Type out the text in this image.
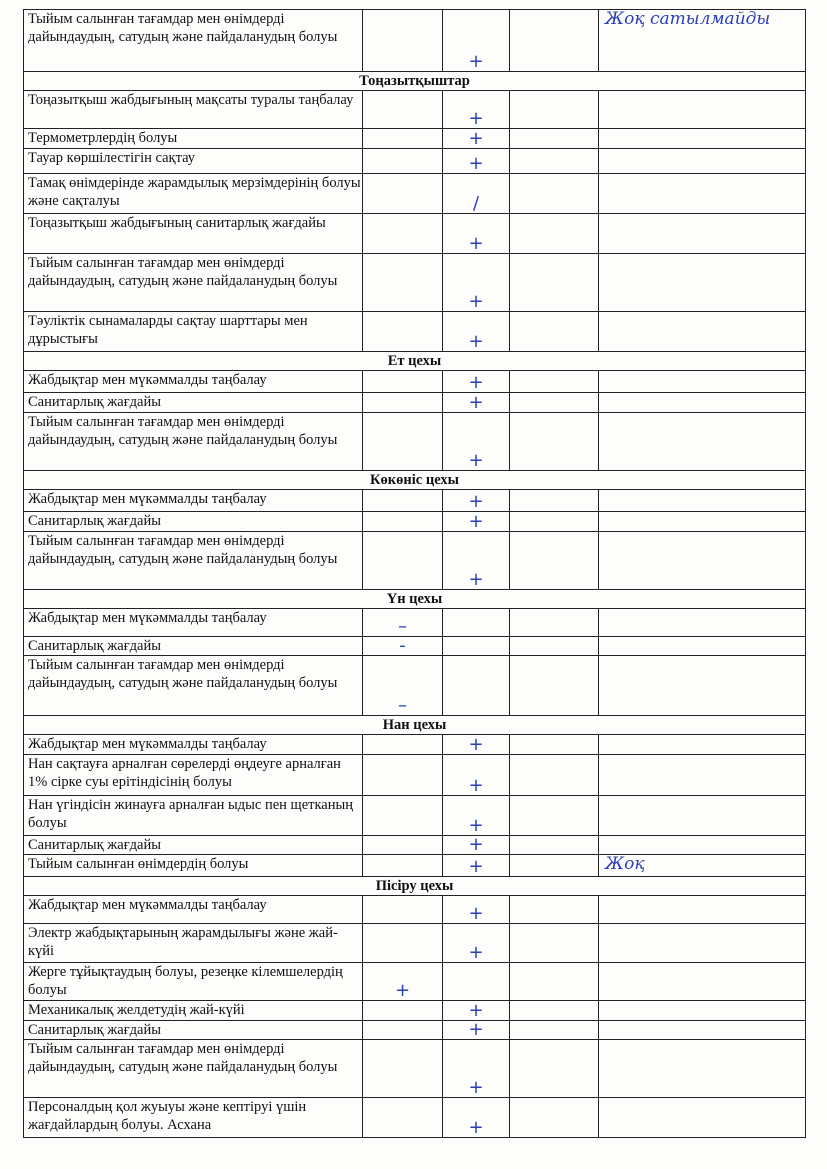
Тыйым салынған тағамдар мен өнімдерді дайындаудың, сатудың және пайдаланудың болуы		+		Жоқ сатылмайды
Тоңазытқыштар				
Тоңазытқыш жабдығының мақсаты туралы таңбалау		+		
Термометрлердің болуы		+		
Тауар көршілестігін сақтау		+		
Тамақ өнімдерінде жарамдылық мерзімдерінің болуы және сақталуы		/		
Тоңазытқыш жабдығының санитарлық жағдайы		+		
Тыйым салынған тағамдар мен өнімдерді дайындаудың, сатудың және пайдаланудың болуы		+		
Тәуліктік сынамаларды сақтау шарттары мен дұрыстығы		+		
Ет цехы				
Жабдықтар мен мүкәммалды таңбалау		+		
Санитарлық жағдайы		+		
Тыйым салынған тағамдар мен өнімдерді дайындаудың, сатудың және пайдаланудың болуы		+		
Көкөніс цехы				
Жабдықтар мен мүкәммалды таңбалау		+		
Санитарлық жағдайы		+		
Тыйым салынған тағамдар мен өнімдерді дайындаудың, сатудың және пайдаланудың болуы		+		
Үн цехы				
Жабдықтар мен мүкәммалды таңбалау	–			
Санитарлық жағдайы	-			
Тыйым салынған тағамдар мен өнімдерді дайындаудың, сатудың және пайдаланудың болуы	–			
Нан цехы				
Жабдықтар мен мүкәммалды таңбалау		+		
Нан сақтауға арналған сөрелерді өңдеуге арналған 1% сірке суы ерітіндісінің болуы		+		
Нан үгіндісін жинауға арналған ыдыс пен щетканың болуы		+		
Санитарлық жағдайы		+		
Тыйым салынған өнімдердің болуы		+		Жоқ
Пісіру цехы				
Жабдықтар мен мүкәммалды таңбалау		+		
Электр жабдықтарының жарамдылығы және жай-күйі		+		
Жерге тұйықтаудың болуы, резеңке кілемшелердің болуы	+			
Механикалық желдетудің жай-күйі		+		
Санитарлық жағдайы		+		
Тыйым салынған тағамдар мен өнімдерді дайындаудың, сатудың және пайдаланудың болуы		+		
Персоналдың қол жуыуы және кептіруі үшін жағдайлардың болуы. Асхана		+		
